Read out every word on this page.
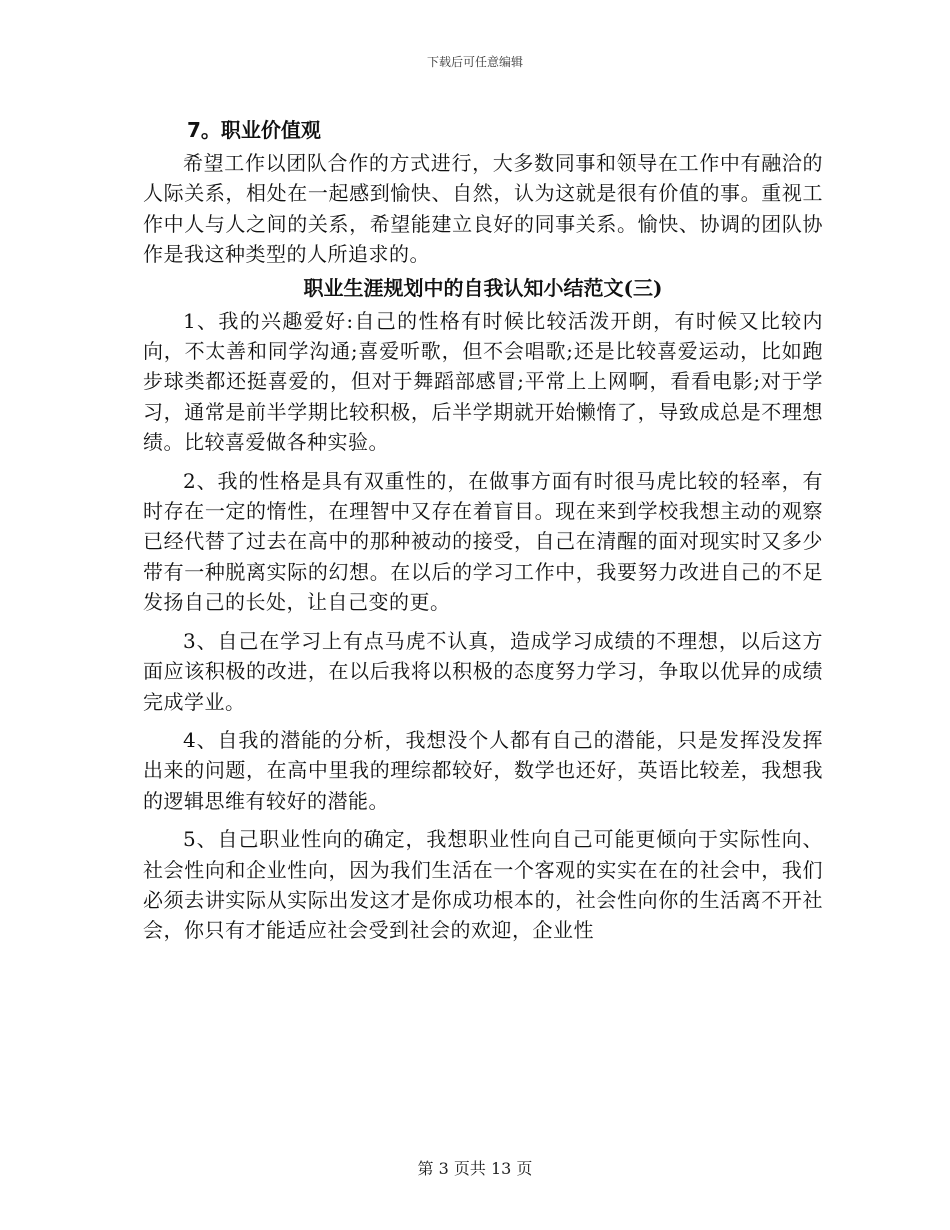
下载后可任意编辑
7。职业价值观

希望工作以团队合作的方式进行，大多数同事和领导在工作中有融洽的人际关系，相处在一起感到愉快、自然，认为这就是很有价值的事。重视工作中人与人之间的关系，希望能建立良好的同事关系。愉快、协调的团队协作是我这种类型的人所追求的。

职业生涯规划中的自我认知小结范文(三)

1、我的兴趣爱好:自己的性格有时候比较活泼开朗，有时候又比较内向，不太善和同学沟通;喜爱听歌，但不会唱歌;还是比较喜爱运动，比如跑步球类都还挺喜爱的，但对于舞蹈部感冒;平常上上网啊，看看电影;对于学习，通常是前半学期比较积极，后半学期就开始懒惰了，导致成总是不理想绩。比较喜爱做各种实验。

2、我的性格是具有双重性的，在做事方面有时很马虎比较的轻率，有时存在一定的惰性，在理智中又存在着盲目。现在来到学校我想主动的观察已经代替了过去在高中的那种被动的接受，自己在清醒的面对现实时又多少带有一种脱离实际的幻想。在以后的学习工作中，我要努力改进自己的不足发扬自己的长处，让自己变的更。

3、自己在学习上有点马虎不认真，造成学习成绩的不理想，以后这方面应该积极的改进，在以后我将以积极的态度努力学习，争取以优异的成绩完成学业。

4、自我的潜能的分析，我想没个人都有自己的潜能，只是发挥没发挥出来的问题，在高中里我的理综都较好，数学也还好，英语比较差，我想我的逻辑思维有较好的潜能。

5、自己职业性向的确定，我想职业性向自己可能更倾向于实际性向、社会性向和企业性向，因为我们生活在一个客观的实实在在的社会中，我们必须去讲实际从实际出发这才是你成功根本的，社会性向你的生活离不开社会，你只有才能适应社会受到社会的欢迎，企业性

第 3 页共 13 页
